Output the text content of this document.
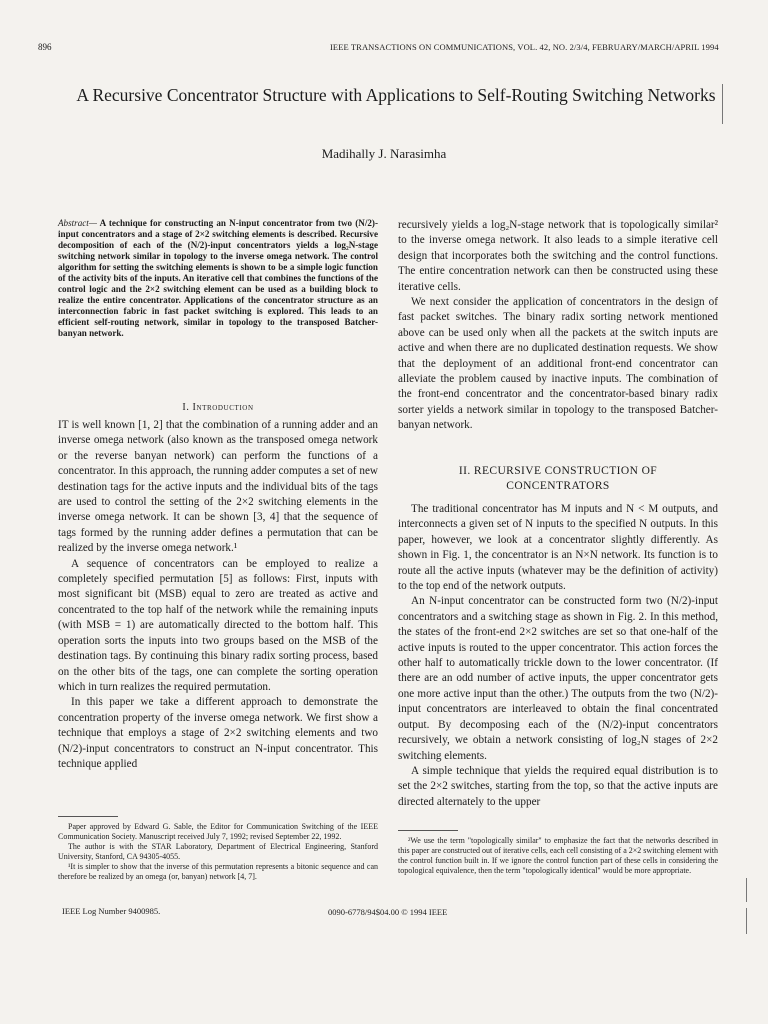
896	IEEE TRANSACTIONS ON COMMUNICATIONS, VOL. 42, NO. 2/3/4, FEBRUARY/MARCH/APRIL 1994
A Recursive Concentrator Structure with Applications to Self-Routing Switching Networks
Madihally J. Narasimha
Abstract— A technique for constructing an N-input concentrator from two (N/2)-input concentrators and a stage of 2×2 switching elements is described. Recursive decomposition of each of the (N/2)-input concentrators yields a log₂N-stage switching network similar in topology to the inverse omega network. The control algorithm for setting the switching elements is shown to be a simple logic function of the activity bits of the inputs. An iterative cell that combines the functions of the control logic and the 2×2 switching element can be used as a building block to realize the entire concentrator. Applications of the concentrator structure as an interconnection fabric in fast packet switching is explored. This leads to an efficient self-routing network, similar in topology to the transposed Batcher-banyan network.
I. Introduction

IT is well known [1, 2] that the combination of a running adder and an inverse omega network (also known as the transposed omega network or the reverse banyan network) can perform the functions of a concentrator. In this approach, the running adder computes a set of new destination tags for the active inputs and the individual bits of the tags are used to control the setting of the 2×2 switching elements in the inverse omega network. It can be shown [3, 4] that the sequence of tags formed by the running adder defines a permutation that can be realized by the inverse omega network.¹

A sequence of concentrators can be employed to realize a completely specified permutation [5] as follows: First, inputs with most significant bit (MSB) equal to zero are treated as active and concentrated to the top half of the network while the remaining inputs (with MSB = 1) are automatically directed to the bottom half. This operation sorts the inputs into two groups based on the MSB of the destination tags. By continuing this binary radix sorting process, based on the other bits of the tags, one can complete the sorting operation which in turn realizes the required permutation.

In this paper we take a different approach to demonstrate the concentration property of the inverse omega network. We first show a technique that employs a stage of 2×2 switching elements and two (N/2)-input concentrators to construct an N-input concentrator. This technique applied

recursively yields a log₂N-stage network that is topologically similar² to the inverse omega network. It also leads to a simple iterative cell design that incorporates both the switching and the control functions. The entire concentration network can then be constructed using these iterative cells.

We next consider the application of concentrators in the design of fast packet switches. The binary radix sorting network mentioned above can be used only when all the packets at the switch inputs are active and when there are no duplicated destination requests. We show that the deployment of an additional front-end concentrator can alleviate the problem caused by inactive inputs. The combination of the front-end concentrator and the concentrator-based binary radix sorter yields a network similar in topology to the transposed Batcher-banyan network.

II. RECURSIVE CONSTRUCTION OF
CONCENTRATORS

The traditional concentrator has M inputs and N < M outputs, and interconnects a given set of N inputs to the specified N outputs. In this paper, however, we look at a concentrator slightly differently. As shown in Fig. 1, the concentrator is an N×N network. Its function is to route all the active inputs (whatever may be the definition of activity) to the top end of the network outputs.

An N-input concentrator can be constructed form two (N/2)-input concentrators and a switching stage as shown in Fig. 2. In this method, the states of the front-end 2×2 switches are set so that one-half of the active inputs is routed to the upper concentrator. This action forces the other half to automatically trickle down to the lower concentrator. (If there are an odd number of active inputs, the upper concentrator gets one more active input than the other.) The outputs from the two (N/2)-input concentrators are interleaved to obtain the final concentrated output. By decomposing each of the (N/2)-input concentrators recursively, we obtain a network consisting of log₂N stages of 2×2 switching elements.

A simple technique that yields the required equal distribution is to set the 2×2 switches, starting from the top, so that the active inputs are directed alternately to the upper

Paper approved by Edward G. Sable, the Editor for Communication Switching of the IEEE Communication Society. Manuscript received July 7, 1992; revised September 22, 1992.

The author is with the STAR Laboratory, Department of Electrical Engineering, Stanford University, Stanford, CA 94305-4055.

¹It is simpler to show that the inverse of this permutation represents a bitonic sequence and can therefore be realized by an omega (or, banyan) network [4, 7].

²We use the term "topologically similar" to emphasize the fact that the networks described in this paper are constructed out of iterative cells, each cell consisting of a 2×2 switching element with the control function built in. If we ignore the control function part of these cells in considering the topological equivalence, then the term "topologically identical" would be more appropriate.

IEEE Log Number 9400985.	0090-6778/94$04.00 © 1994 IEEE
